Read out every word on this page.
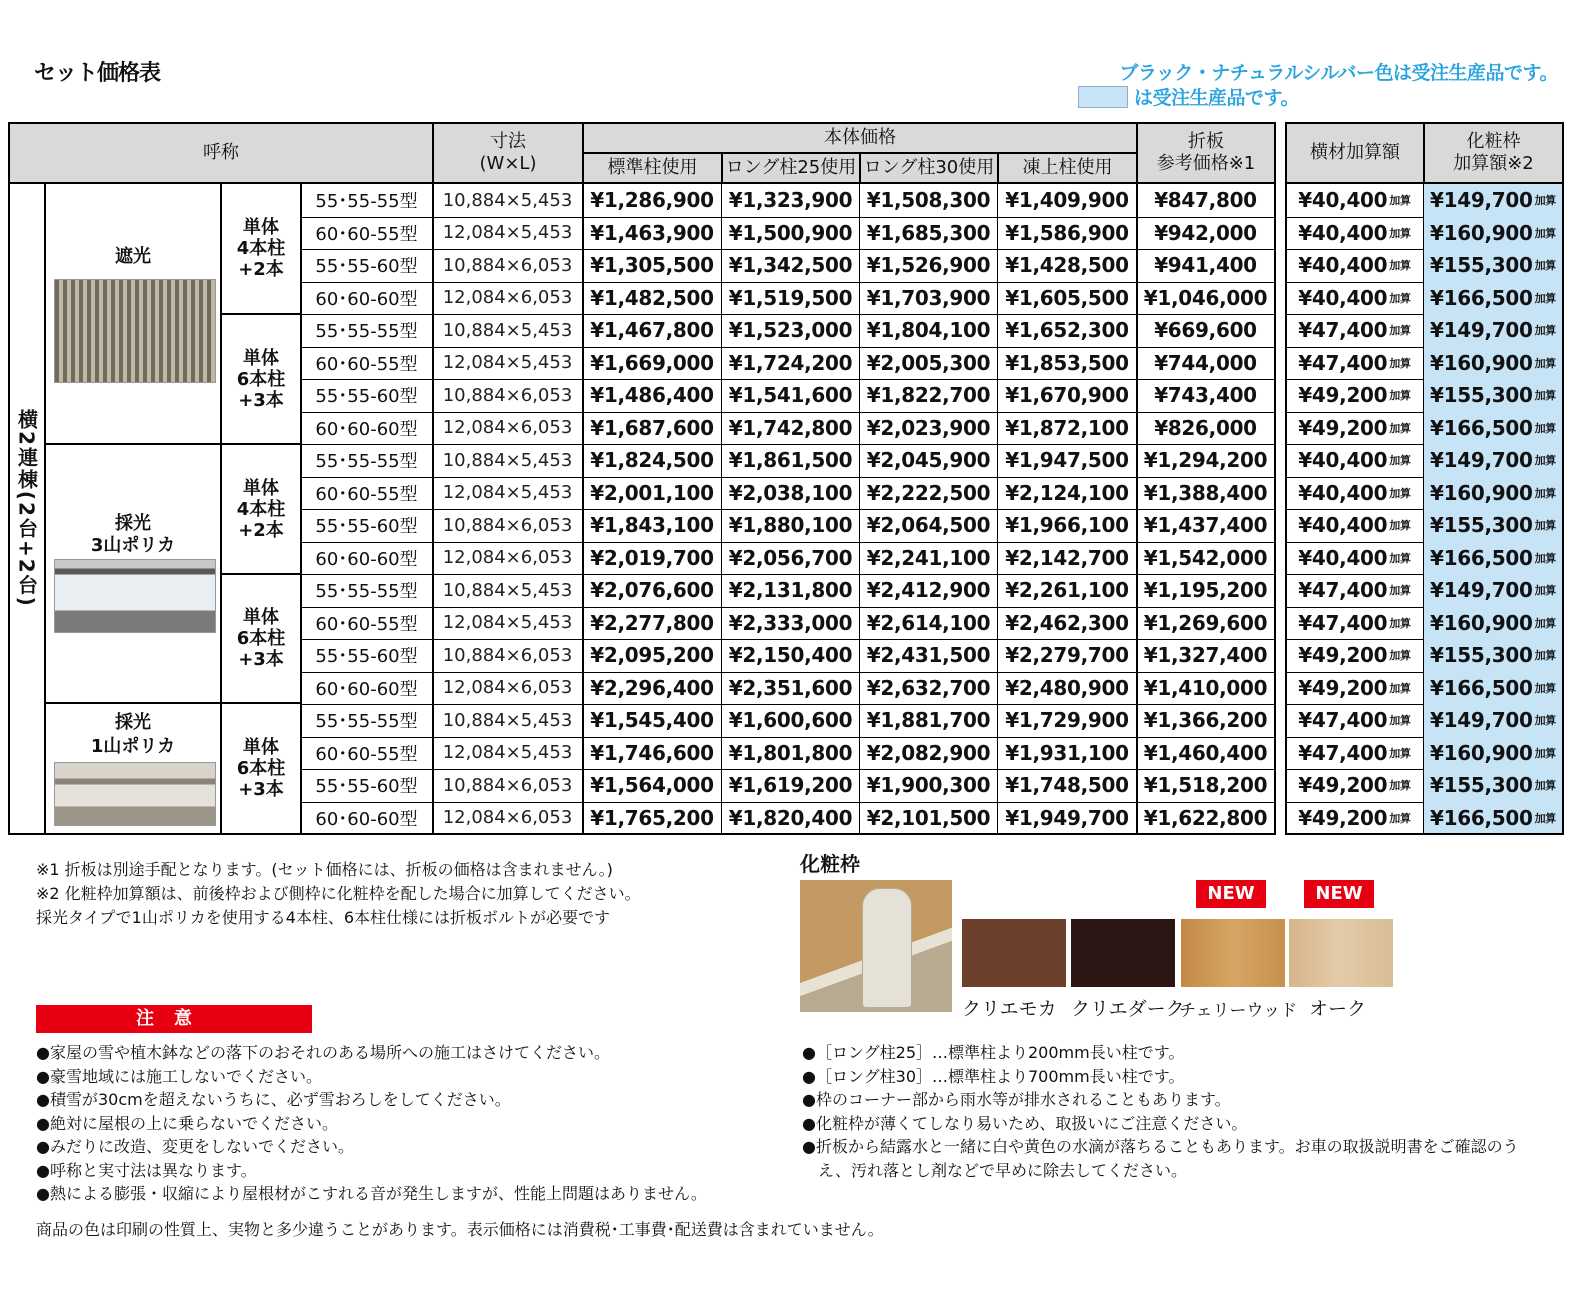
セット価格表	ブラック・ナチュラルシルバー色は受注生産品です。
は受注生産品です。
呼称
寸法
(W×L)
本体価格
標準柱使用 ロング柱25使用 ロング柱30使用 凍上柱使用
折板
参考価格※1
横材加算額
化粧枠
加算額※2
55･55-55型 10,884×5,453 ¥1,286,900 ¥1,323,900 ¥1,508,300 ¥1,409,900 ¥847,800 ¥40,400 加算 ¥149,700 加算
60･60-55型 12,084×5,453 ¥1,463,900 ¥1,500,900 ¥1,685,300 ¥1,586,900 ¥942,000 ¥40,400 加算 ¥160,900 加算
55･55-60型 10,884×6,053 ¥1,305,500 ¥1,342,500 ¥1,526,900 ¥1,428,500 ¥941,400 ¥40,400 加算 ¥155,300 加算
60･60-60型 12,084×6,053 ¥1,482,500 ¥1,519,500 ¥1,703,900 ¥1,605,500 ¥1,046,000 ¥40,400 加算 ¥166,500 加算
55･55-55型 10,884×5,453 ¥1,467,800 ¥1,523,000 ¥1,804,100 ¥1,652,300 ¥669,600 ¥47,400 加算 ¥149,700 加算
60･60-55型 12,084×5,453 ¥1,669,000 ¥1,724,200 ¥2,005,300 ¥1,853,500 ¥744,000 ¥47,400 加算 ¥160,900 加算
55･55-60型 10,884×6,053 ¥1,486,400 ¥1,541,600 ¥1,822,700 ¥1,670,900 ¥743,400 ¥49,200 加算 ¥155,300 加算
60･60-60型 12,084×6,053 ¥1,687,600 ¥1,742,800 ¥2,023,900 ¥1,872,100 ¥826,000 ¥49,200 加算 ¥166,500 加算
55･55-55型 10,884×5,453 ¥1,824,500 ¥1,861,500 ¥2,045,900 ¥1,947,500 ¥1,294,200 ¥40,400 加算 ¥149,700 加算
60･60-55型 12,084×5,453 ¥2,001,100 ¥2,038,100 ¥2,222,500 ¥2,124,100 ¥1,388,400 ¥40,400 加算 ¥160,900 加算
55･55-60型 10,884×6,053 ¥1,843,100 ¥1,880,100 ¥2,064,500 ¥1,966,100 ¥1,437,400 ¥40,400 加算 ¥155,300 加算
60･60-60型 12,084×6,053 ¥2,019,700 ¥2,056,700 ¥2,241,100 ¥2,142,700 ¥1,542,000 ¥40,400 加算 ¥166,500 加算
55･55-55型 10,884×5,453 ¥2,076,600 ¥2,131,800 ¥2,412,900 ¥2,261,100 ¥1,195,200 ¥47,400 加算 ¥149,700 加算
60･60-55型 12,084×5,453 ¥2,277,800 ¥2,333,000 ¥2,614,100 ¥2,462,300 ¥1,269,600 ¥47,400 加算 ¥160,900 加算
55･55-60型 10,884×6,053 ¥2,095,200 ¥2,150,400 ¥2,431,500 ¥2,279,700 ¥1,327,400 ¥49,200 加算 ¥155,300 加算
60･60-60型 12,084×6,053 ¥2,296,400 ¥2,351,600 ¥2,632,700 ¥2,480,900 ¥1,410,000 ¥49,200 加算 ¥166,500 加算
55･55-55型 10,884×5,453 ¥1,545,400 ¥1,600,600 ¥1,881,700 ¥1,729,900 ¥1,366,200 ¥47,400 加算 ¥149,700 加算
60･60-55型 12,084×5,453 ¥1,746,600 ¥1,801,800 ¥2,082,900 ¥1,931,100 ¥1,460,400 ¥47,400 加算 ¥160,900 加算
55･55-60型 10,884×6,053 ¥1,564,000 ¥1,619,200 ¥1,900,300 ¥1,748,500 ¥1,518,200 ¥49,200 加算 ¥155,300 加算
60･60-60型 12,084×6,053 ¥1,765,200 ¥1,820,400 ¥2,101,500 ¥1,949,700 ¥1,622,800 ¥49,200 加算 ¥166,500 加算
横2連棟(2台+2台)
遮光
採光
3山ポリカ
採光
1山ポリカ
単体
4本柱
+2本
単体
6本柱
+3本
単体
4本柱
+2本
単体
6本柱
+3本
単体
6本柱
+3本
※1 折板は別途手配となります。(セット価格には、折板の価格は含まれません。)
※2 化粧枠加算額は、前後枠および側枠に化粧枠を配した場合に加算してください。
採光タイプで1山ポリカを使用する4本柱、6本柱仕様には折板ボルトが必要です
注意
●家屋の雪や植木鉢などの落下のおそれのある場所への施工はさけてください。
●豪雪地域には施工しないでください。
●積雪が30cmを超えないうちに、必ず雪おろしをしてください。
●絶対に屋根の上に乗らないでください。
●みだりに改造、変更をしないでください。
●呼称と実寸法は異なります。
●熱による膨張・収縮により屋根材がこすれる音が発生しますが、性能上問題はありません。
商品の色は印刷の性質上、実物と多少違うことがあります。表示価格には消費税･工事費･配送費は含まれていません。
化粧枠
NEW	NEW
クリエモカ クリエダーク
チェリーウッド オーク
●［ロング柱25］…標準柱より200mm長い柱です。
●［ロング柱30］…標準柱より700mm長い柱です。
●枠のコーナー部から雨水等が排水されることもあります。
●化粧枠が薄くてしなり易いため、取扱いにご注意ください。
●折板から結露水と一緒に白や黄色の水滴が落ちることもあります。お車の取扱説明書をご確認のう
　え、汚れ落とし剤などで早めに除去してください。
